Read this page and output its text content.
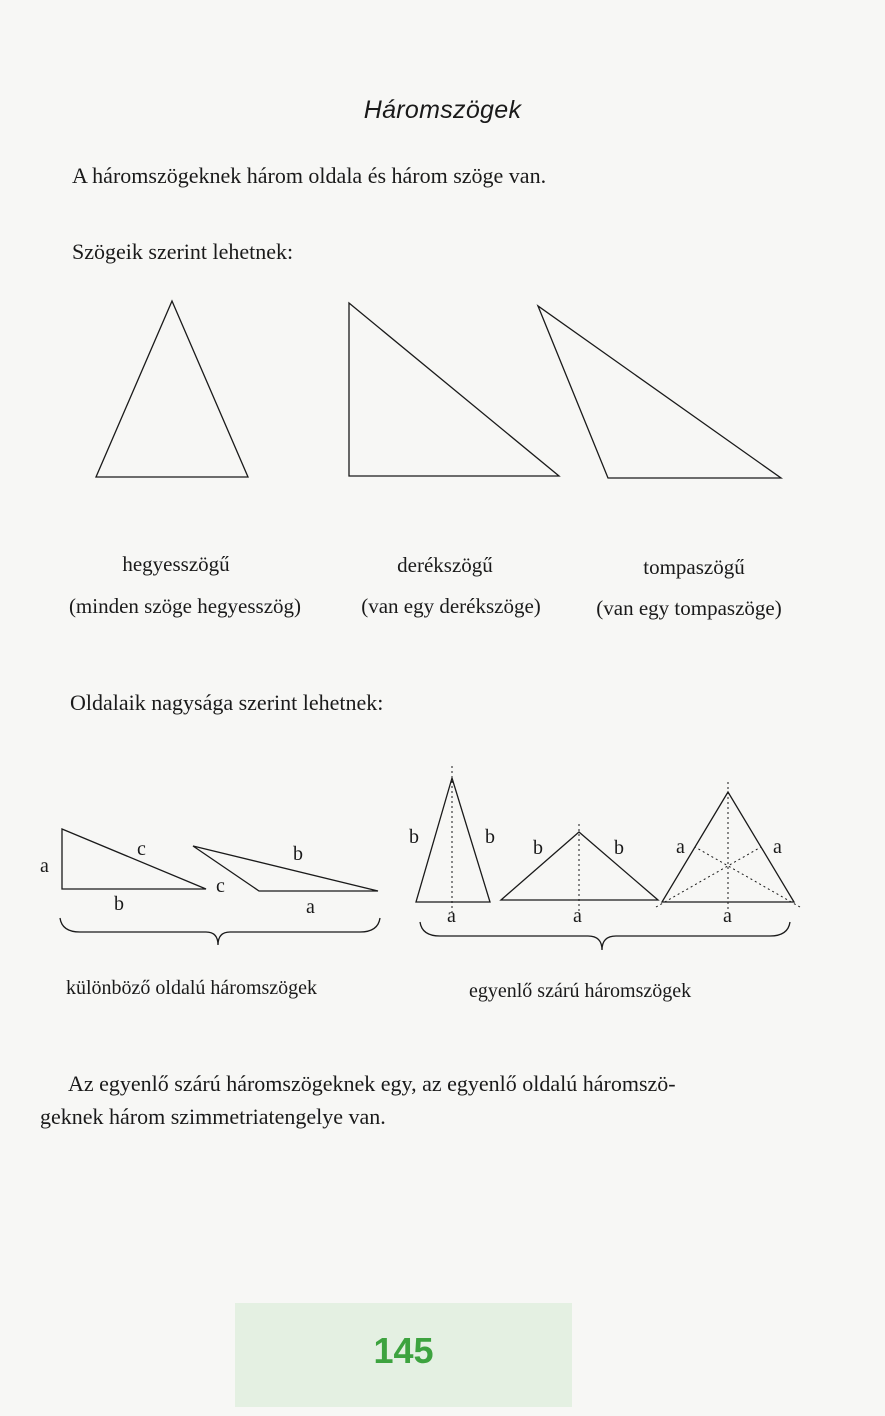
Háromszögek
A háromszögeknek három oldala és három szöge van.
Szögeik szerint lehetnek:
hegyesszögű	derékszögű	tompaszögű
(minden szöge hegyesszög)	(van egy derékszöge)	(van egy tompaszöge)
Oldalaik nagysága szerint lehetnek:
a
c
b
b
c
a
b	b
a
b	b
a
a	a
a
különböző oldalú háromszögek	egyenlő szárú háromszögek
Az egyenlő szárú háromszögeknek egy, az egyenlő oldalú háromszö-
geknek három szimmetriatengelye van.
145
